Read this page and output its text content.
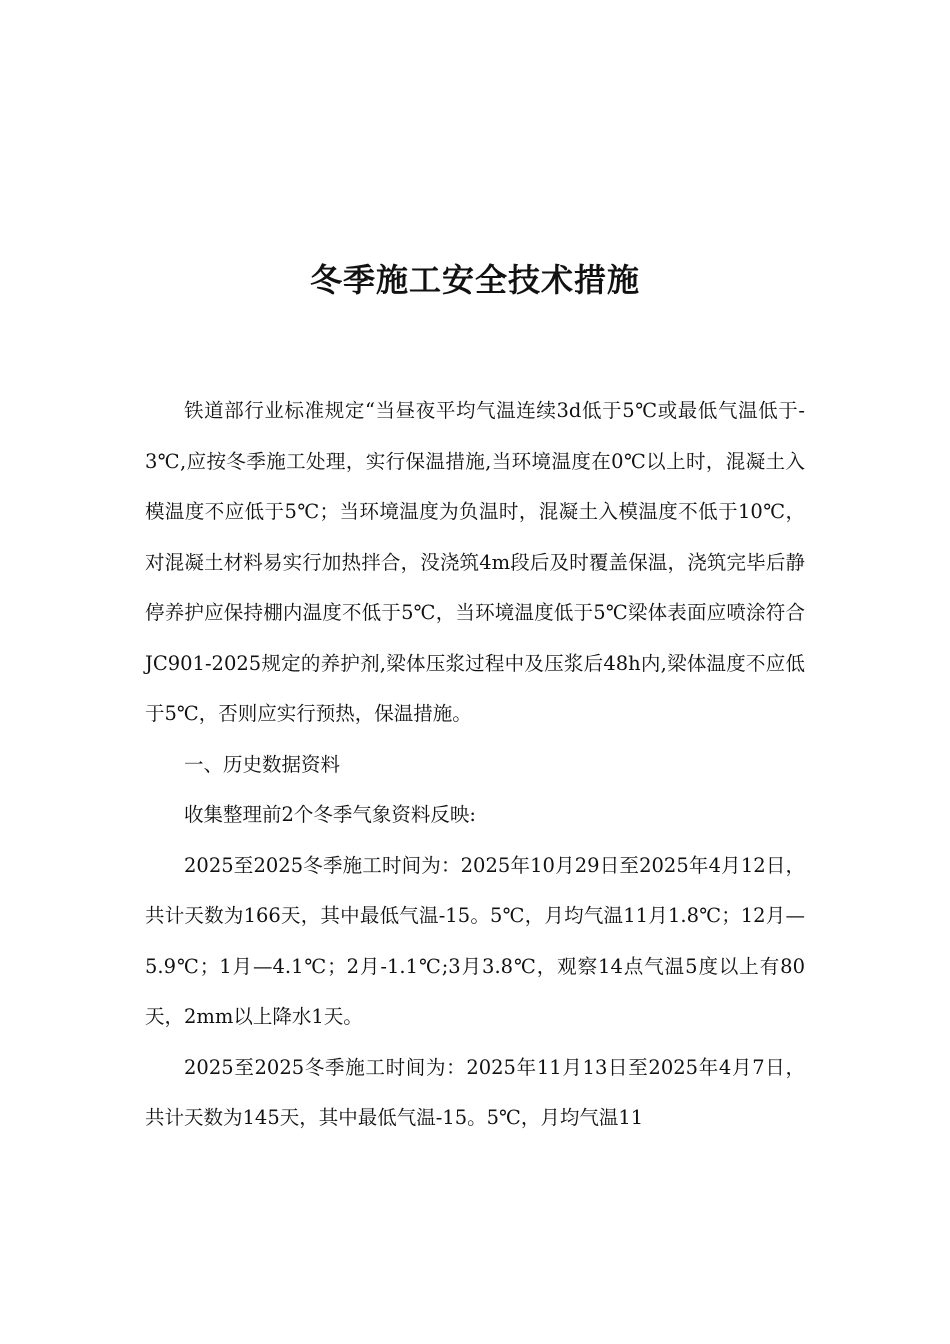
冬季施工安全技术措施

铁道部行业标准规定“当昼夜平均气温连续3d低于5℃或最低气温低于-3℃,应按冬季施工处理，实行保温措施,当环境温度在0℃以上时，混凝土入模温度不应低于5℃；当环境温度为负温时，混凝土入模温度不低于10℃，对混凝土材料易实行加热拌合，没浇筑4m段后及时覆盖保温，浇筑完毕后静停养护应保持棚内温度不低于5℃，当环境温度低于5℃梁体表面应喷涂符合JC901-2025规定的养护剂,梁体压浆过程中及压浆后48h内,梁体温度不应低于5℃，否则应实行预热，保温措施。

一、历史数据资料

收集整理前2个冬季气象资料反映:

2025至2025冬季施工时间为：2025年10月29日至2025年4月12日，共计天数为166天，其中最低气温-15。5℃，月均气温11月1.8℃；12月—5.9℃；1月—4.1℃；2月-1.1℃;3月3.8℃，观察14点气温5度以上有80天，2mm以上降水1天。

2025至2025冬季施工时间为：2025年11月13日至2025年4月7日，共计天数为145天，其中最低气温-15。5℃，月均气温11
